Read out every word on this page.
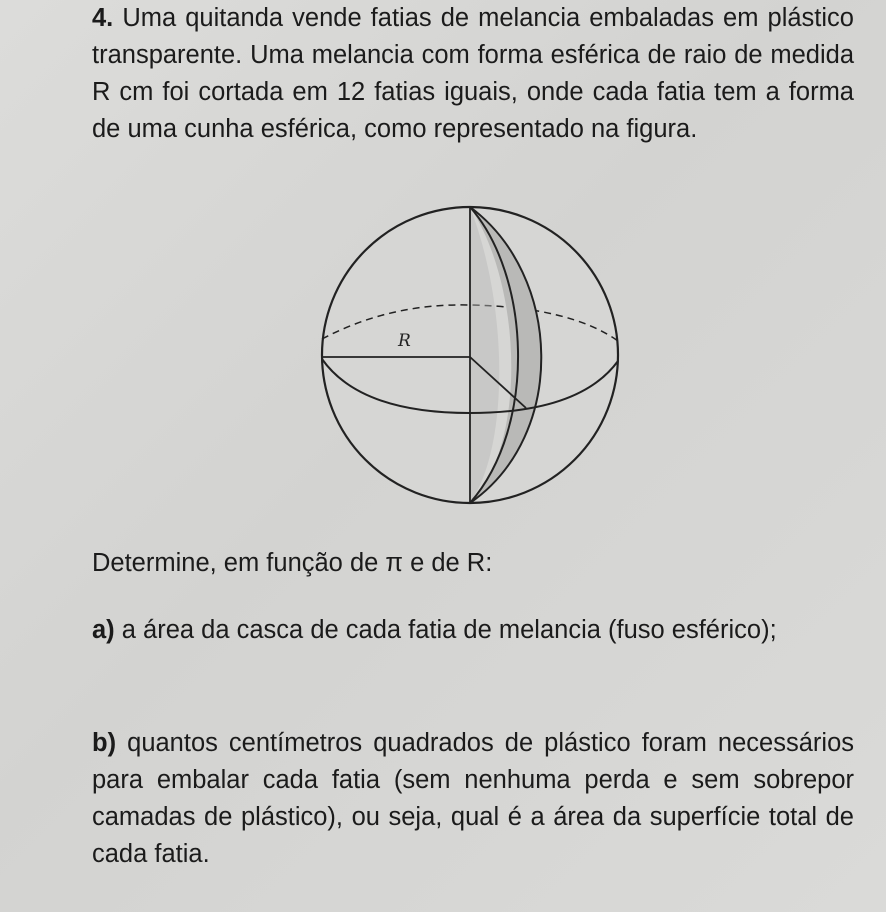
4. Uma quitanda vende fatias de melancia embaladas em plástico transparente. Uma melancia com forma esférica de raio de medida R cm foi cortada em 12 fatias iguais, onde cada fatia tem a forma de uma cunha esférica, como representado na figura.

R

Determine, em função de π e de R:

a) a área da casca de cada fatia de melancia (fuso esférico);

b) quantos centímetros quadrados de plástico foram necessários para embalar cada fatia (sem nenhuma perda e sem sobrepor camadas de plástico), ou seja, qual é a área da superfície total de cada fatia.
